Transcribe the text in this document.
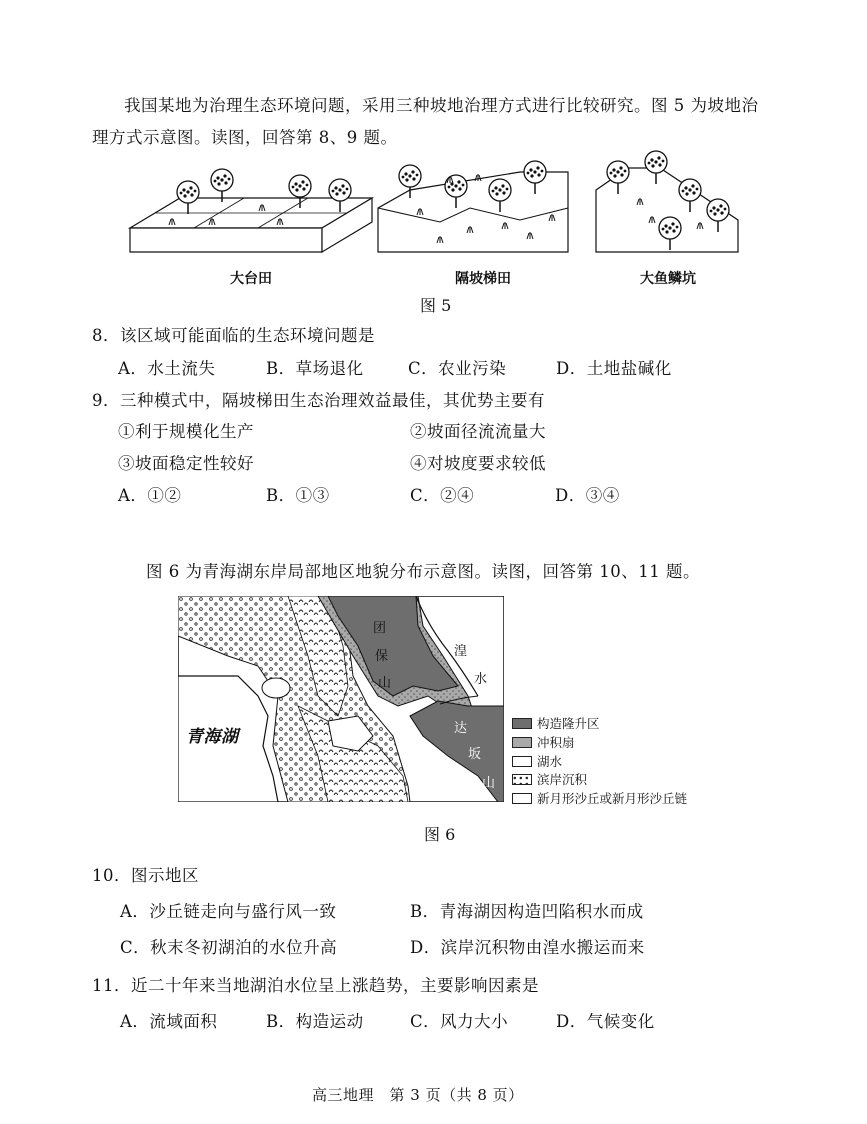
我国某地为治理生态环境问题，采用三种坡地治理方式进行比较研究。图 5 为坡地治
理方式示意图。读图，回答第 8、9 题。
大台田	隔坡梯田	大鱼鳞坑
图 5
8．该区域可能面临的生态环境问题是
A．水土流失	B．草场退化	C．农业污染	D．土地盐碱化
9．三种模式中，隔坡梯田生态治理效益最佳，其优势主要有
①利于规模化生产	②坡面径流流量大
③坡面稳定性较好	④对坡度要求较低
A．①②	B．①③	C．②④	D．③④
图 6 为青海湖东岸局部地区地貌分布示意图。读图，回答第 10、11 题。
青海湖
团
保
山
湟
水
达
坂
山
构造隆升区
冲积扇
湖水
滨岸沉积
新月形沙丘或新月形沙丘链
图 6
10．图示地区
A．沙丘链走向与盛行风一致	B．青海湖因构造凹陷积水而成
C．秋末冬初湖泊的水位升高	D．滨岸沉积物由湟水搬运而来
11．近二十年来当地湖泊水位呈上涨趋势，主要影响因素是
A．流域面积	B．构造运动	C．风力大小	D．气候变化
高三地理　第 3 页（共 8 页）
